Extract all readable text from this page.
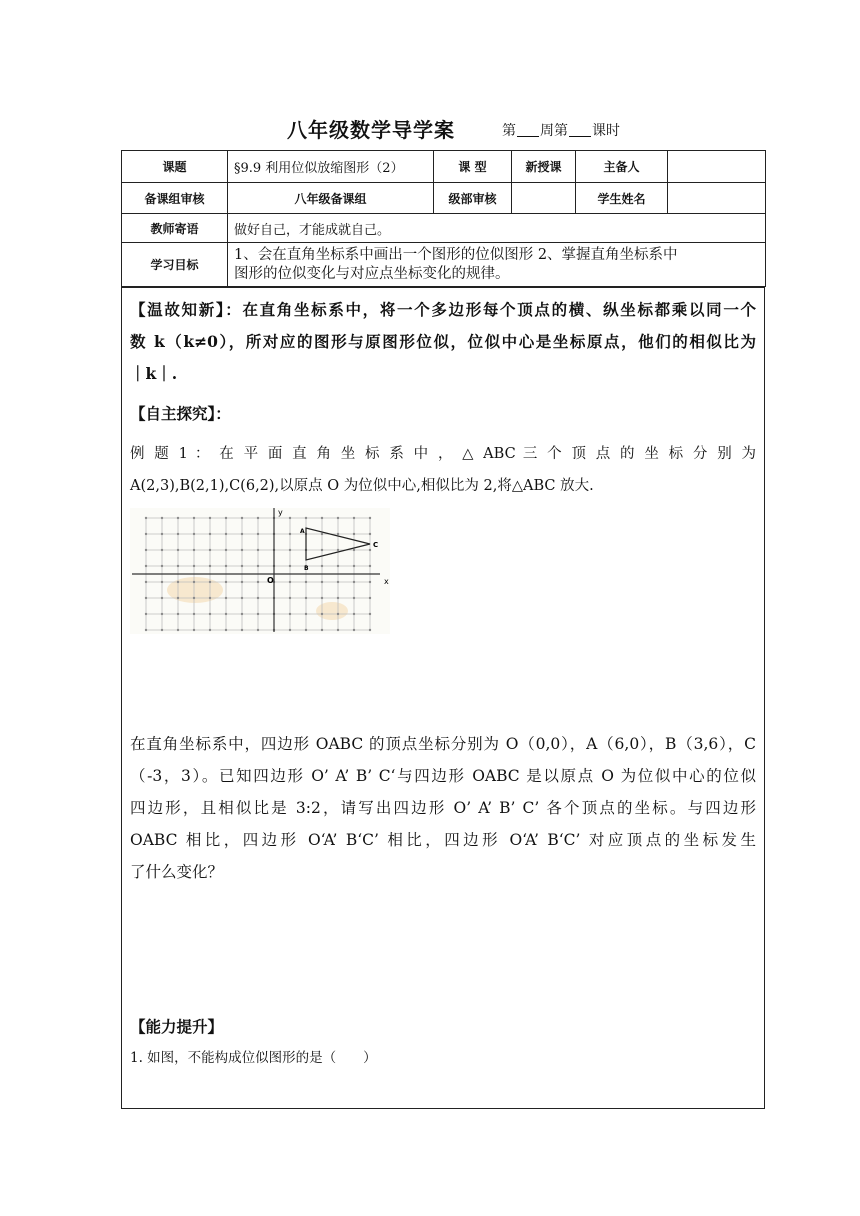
八年级数学导学案	第 周第 课时
课题	§9.9 利用位似放缩图形（2）	课 型	新授课	主备人	
备课组审核	八年级备课组	级部审核		学生姓名	
教师寄语	做好自己，才能成就自己。				
学习目标	1、会在直角坐标系中画出一个图形的位似图形 2、掌握直角坐标系中
图形的位似变化与对应点坐标变化的规律。				
【温故知新】：在直角坐标系中，将一个多边形每个顶点的横、纵坐标都乘以同一个
数 k（k≠0），所对应的图形与原图形位似，位似中心是坐标原点，他们的相似比为
｜k｜.
【自主探究】：
例 题 1 ： 在 平 面 直 角 坐 标 系 中 ， △ ABC 三 个 顶 点 的 坐 标 分 别 为
A(2,3),B(2,1),C(6,2),以原点 O 为位似中心,相似比为 2,将△ABC 放大.
x
y
O
A
B
C
在直角坐标系中，四边形 OABC 的顶点坐标分别为 O（0,0），A（6,0），B（3,6），C
（-3，3）。已知四边形 O’ A’ B’ C‘与四边形 OABC 是以原点 O 为位似中心的位似
四边形，且相似比是 3:2，请写出四边形 O’ A’ B’ C’ 各个顶点的坐标。与四边形
OABC 相比，四边形 O‘A’ B‘C’ 相比，四边形 O‘A’ B‘C’ 对应顶点的坐标发生
了什么变化？
【能力提升】
1. 如图，不能构成位似图形的是（　　）
